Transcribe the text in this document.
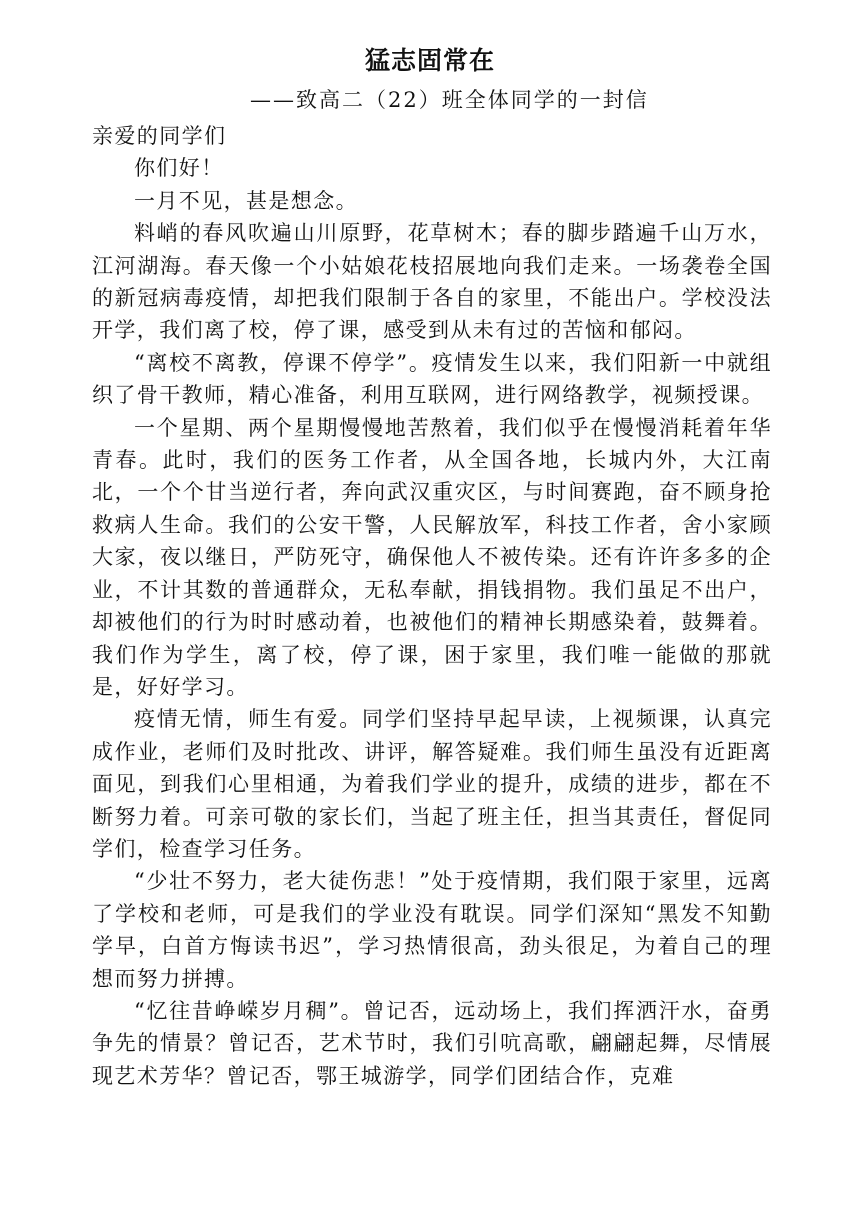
猛志固常在
——致高二（22）班全体同学的一封信

亲爱的同学们

你们好！

一月不见，甚是想念。

料峭的春风吹遍山川原野，花草树木；春的脚步踏遍千山万水，江河湖海。春天像一个小姑娘花枝招展地向我们走来。一场袭卷全国的新冠病毒疫情，却把我们限制于各自的家里，不能出户。学校没法开学，我们离了校，停了课，感受到从未有过的苦恼和郁闷。

“离校不离教，停课不停学”。疫情发生以来，我们阳新一中就组织了骨干教师，精心准备，利用互联网，进行网络教学，视频授课。

一个星期、两个星期慢慢地苦熬着，我们似乎在慢慢消耗着年华青春。此时，我们的医务工作者，从全国各地，长城内外，大江南北，一个个甘当逆行者，奔向武汉重灾区，与时间赛跑，奋不顾身抢救病人生命。我们的公安干警，人民解放军，科技工作者，舍小家顾大家，夜以继日，严防死守，确保他人不被传染。还有许许多多的企业，不计其数的普通群众，无私奉献，捐钱捐物。我们虽足不出户，却被他们的行为时时感动着，也被他们的精神长期感染着，鼓舞着。我们作为学生，离了校，停了课，困于家里，我们唯一能做的那就是，好好学习。

疫情无情，师生有爱。同学们坚持早起早读，上视频课，认真完成作业，老师们及时批改、讲评，解答疑难。我们师生虽没有近距离面见，到我们心里相通，为着我们学业的提升，成绩的进步，都在不断努力着。可亲可敬的家长们，当起了班主任，担当其责任，督促同学们，检查学习任务。

“少壮不努力，老大徒伤悲！”处于疫情期，我们限于家里，远离了学校和老师，可是我们的学业没有耽误。同学们深知“黑发不知勤学早，白首方悔读书迟”，学习热情很高，劲头很足，为着自己的理想而努力拼搏。

“忆往昔峥嵘岁月稠”。曾记否，远动场上，我们挥洒汗水，奋勇争先的情景？曾记否，艺术节时，我们引吭高歌，翩翩起舞，尽情展现艺术芳华？曾记否，鄂王城游学，同学们团结合作，克难
